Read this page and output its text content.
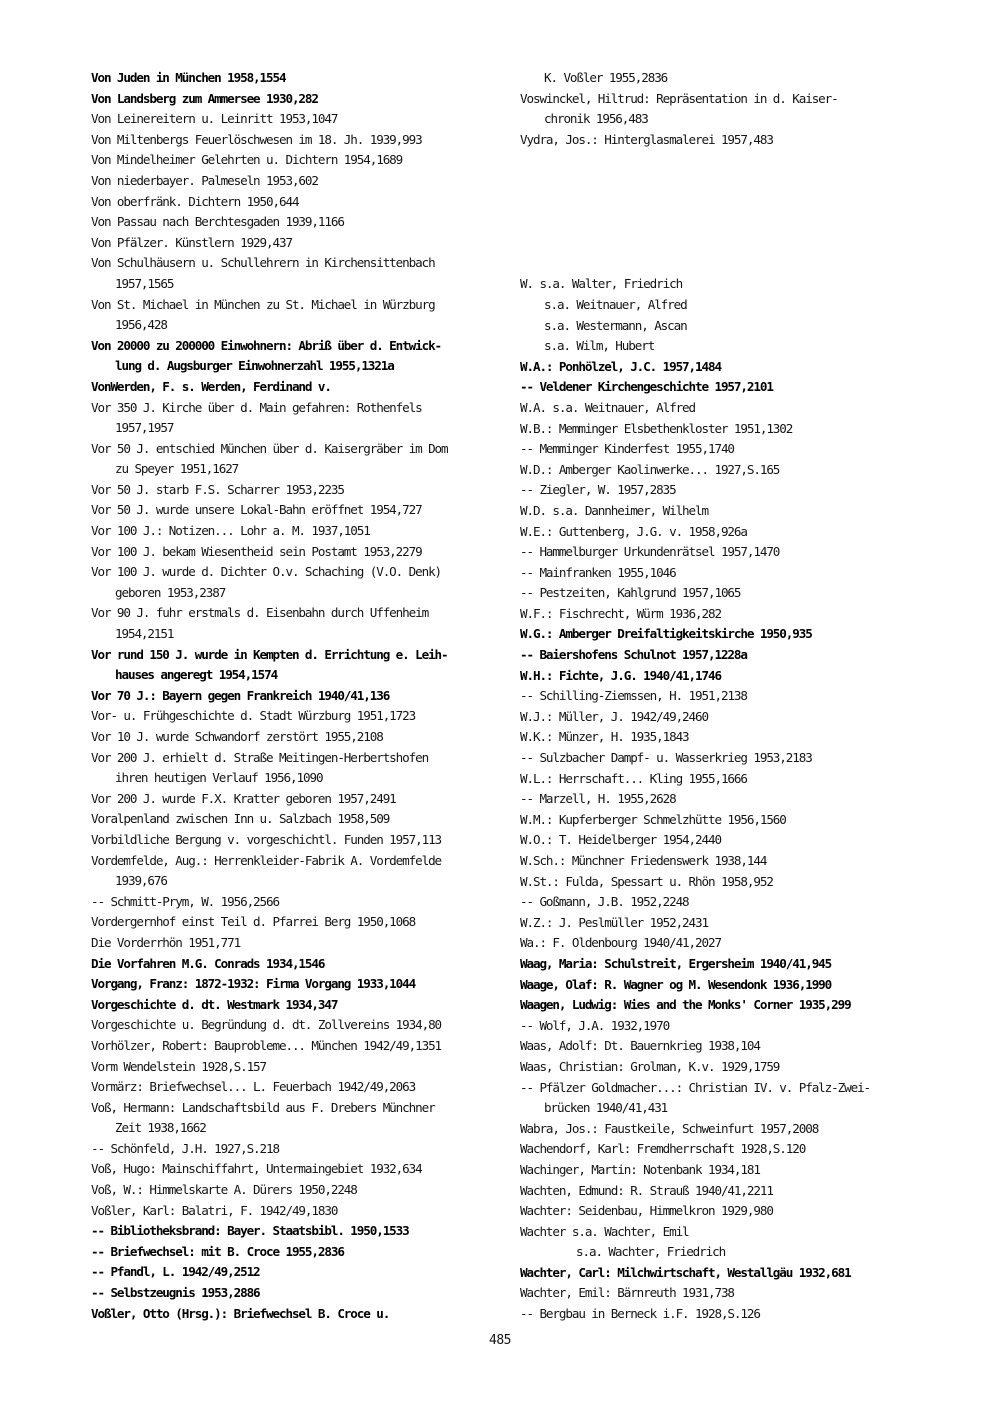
Von Juden in München 1958,1554
Von Landsberg zum Ammersee 1930,282
Von Leinereitern u. Leinritt 1953,1047
Von Miltenbergs Feuerlöschwesen im 18. Jh. 1939,993
Von Mindelheimer Gelehrten u. Dichtern 1954,1689
Von niederbayer. Palmeseln 1953,602
Von oberfränk. Dichtern 1950,644
Von Passau nach Berchtesgaden 1939,1166
Von Pfälzer. Künstlern 1929,437
Von Schulhäusern u. Schullehrern in Kirchensittenbach
1957,1565
Von St. Michael in München zu St. Michael in Würzburg
1956,428
Von 20000 zu 200000 Einwohnern: Abriß über d. Entwick-
lung d. Augsburger Einwohnerzahl 1955,1321a
VonWerden, F. s. Werden, Ferdinand v.
Vor 350 J. Kirche über d. Main gefahren: Rothenfels
1957,1957
Vor 50 J. entschied München über d. Kaisergräber im Dom
zu Speyer 1951,1627
Vor 50 J. starb F.S. Scharrer 1953,2235
Vor 50 J. wurde unsere Lokal-Bahn eröffnet 1954,727
Vor 100 J.: Notizen... Lohr a. M. 1937,1051
Vor 100 J. bekam Wiesentheid sein Postamt 1953,2279
Vor 100 J. wurde d. Dichter O.v. Schaching (V.O. Denk)
geboren 1953,2387
Vor 90 J. fuhr erstmals d. Eisenbahn durch Uffenheim
1954,2151
Vor rund 150 J. wurde in Kempten d. Errichtung e. Leih-
hauses angeregt 1954,1574
Vor 70 J.: Bayern gegen Frankreich 1940/41,136
Vor- u. Frühgeschichte d. Stadt Würzburg 1951,1723
Vor 10 J. wurde Schwandorf zerstört 1955,2108
Vor 200 J. erhielt d. Straße Meitingen-Herbertshofen
ihren heutigen Verlauf 1956,1090
Vor 200 J. wurde F.X. Kratter geboren 1957,2491
Voralpenland zwischen Inn u. Salzbach 1958,509
Vorbildliche Bergung v. vorgeschichtl. Funden 1957,113
Vordemfelde, Aug.: Herrenkleider-Fabrik A. Vordemfelde
1939,676
-- Schmitt-Prym, W. 1956,2566
Vordergernhof einst Teil d. Pfarrei Berg 1950,1068
Die Vorderrhön 1951,771
Die Vorfahren M.G. Conrads 1934,1546
Vorgang, Franz: 1872-1932: Firma Vorgang 1933,1044
Vorgeschichte d. dt. Westmark 1934,347
Vorgeschichte u. Begründung d. dt. Zollvereins 1934,80
Vorhölzer, Robert: Bauprobleme... München 1942/49,1351
Vorm Wendelstein 1928,S.157
Vormärz: Briefwechsel... L. Feuerbach 1942/49,2063
Voß, Hermann: Landschaftsbild aus F. Drebers Münchner
Zeit 1938,1662
-- Schönfeld, J.H. 1927,S.218
Voß, Hugo: Mainschiffahrt, Untermaingebiet 1932,634
Voß, W.: Himmelskarte A. Dürers 1950,2248
Voßler, Karl: Balatri, F. 1942/49,1830
-- Bibliotheksbrand: Bayer. Staatsbibl. 1950,1533
-- Briefwechsel: mit B. Croce 1955,2836
-- Pfandl, L. 1942/49,2512
-- Selbstzeugnis 1953,2886
Voßler, Otto (Hrsg.): Briefwechsel B. Croce u.
K. Voßler 1955,2836
Voswinckel, Hiltrud: Repräsentation in d. Kaiser-
chronik 1956,483
Vydra, Jos.: Hinterglasmalerei 1957,483
W. s.a. Walter, Friedrich
s.a. Weitnauer, Alfred
s.a. Westermann, Ascan
s.a. Wilm, Hubert
W.A.: Ponhölzel, J.C. 1957,1484
-- Veldener Kirchengeschichte 1957,2101
W.A. s.a. Weitnauer, Alfred
W.B.: Memminger Elsbethenkloster 1951,1302
-- Memminger Kinderfest 1955,1740
W.D.: Amberger Kaolinwerke... 1927,S.165
-- Ziegler, W. 1957,2835
W.D. s.a. Dannheimer, Wilhelm
W.E.: Guttenberg, J.G. v. 1958,926a
-- Hammelburger Urkundenrätsel 1957,1470
-- Mainfranken 1955,1046
-- Pestzeiten, Kahlgrund 1957,1065
W.F.: Fischrecht, Würm 1936,282
W.G.: Amberger Dreifaltigkeitskirche 1950,935
-- Baiershofens Schulnot 1957,1228a
W.H.: Fichte, J.G. 1940/41,1746
-- Schilling-Ziemssen, H. 1951,2138
W.J.: Müller, J. 1942/49,2460
W.K.: Münzer, H. 1935,1843
-- Sulzbacher Dampf- u. Wasserkrieg 1953,2183
W.L.: Herrschaft... Kling 1955,1666
-- Marzell, H. 1955,2628
W.M.: Kupferberger Schmelzhütte 1956,1560
W.O.: T. Heidelberger 1954,2440
W.Sch.: Münchner Friedenswerk 1938,144
W.St.: Fulda, Spessart u. Rhön 1958,952
-- Goßmann, J.B. 1952,2248
W.Z.: J. Peslmüller 1952,2431
Wa.: F. Oldenbourg 1940/41,2027
Waag, Maria: Schulstreit, Ergersheim 1940/41,945
Waage, Olaf: R. Wagner og M. Wesendonk 1936,1990
Waagen, Ludwig: Wies and the Monks' Corner 1935,299
-- Wolf, J.A. 1932,1970
Waas, Adolf: Dt. Bauernkrieg 1938,104
Waas, Christian: Grolman, K.v. 1929,1759
-- Pfälzer Goldmacher...: Christian IV. v. Pfalz-Zwei-
brücken 1940/41,431
Wabra, Jos.: Faustkeile, Schweinfurt 1957,2008
Wachendorf, Karl: Fremdherrschaft 1928,S.120
Wachinger, Martin: Notenbank 1934,181
Wachten, Edmund: R. Strauß 1940/41,2211
Wachter: Seidenbau, Himmelkron 1929,980
Wachter s.a. Wachter, Emil
s.a. Wachter, Friedrich
Wachter, Carl: Milchwirtschaft, Westallgäu 1932,681
Wachter, Emil: Bärnreuth 1931,738
-- Bergbau in Berneck i.F. 1928,S.126
485
